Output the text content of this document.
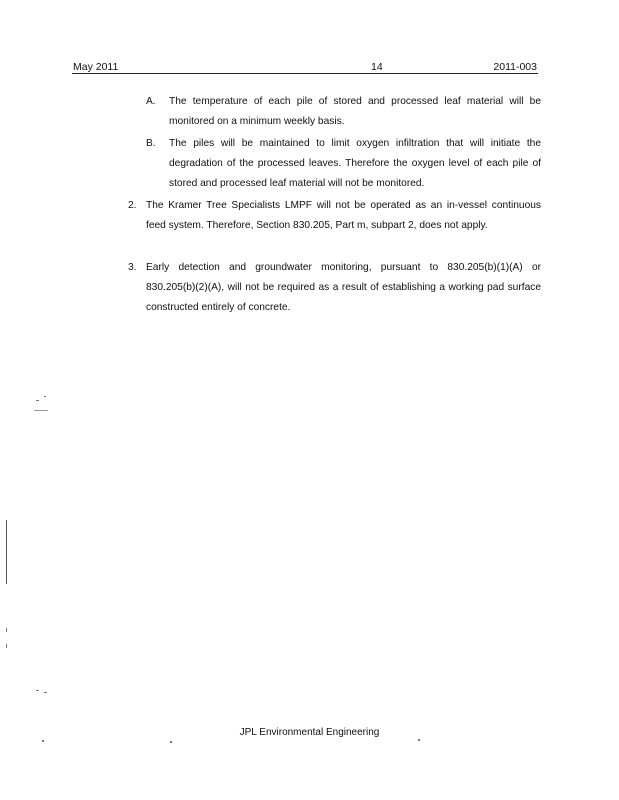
May 2011	14	2011-003
A. The temperature of each pile of stored and processed leaf material will be monitored on a minimum weekly basis.
B. The piles will be maintained to limit oxygen infiltration that will initiate the degradation of the processed leaves. Therefore the oxygen level of each pile of stored and processed leaf material will not be monitored.
2. The Kramer Tree Specialists LMPF will not be operated as an in-vessel continuous feed system. Therefore, Section 830.205, Part m, subpart 2, does not apply.
3. Early detection and groundwater monitoring, pursuant to 830.205(b)(1)(A) or 830.205(b)(2)(A), will not be required as a result of establishing a working pad surface constructed entirely of concrete.
JPL Environmental Engineering
